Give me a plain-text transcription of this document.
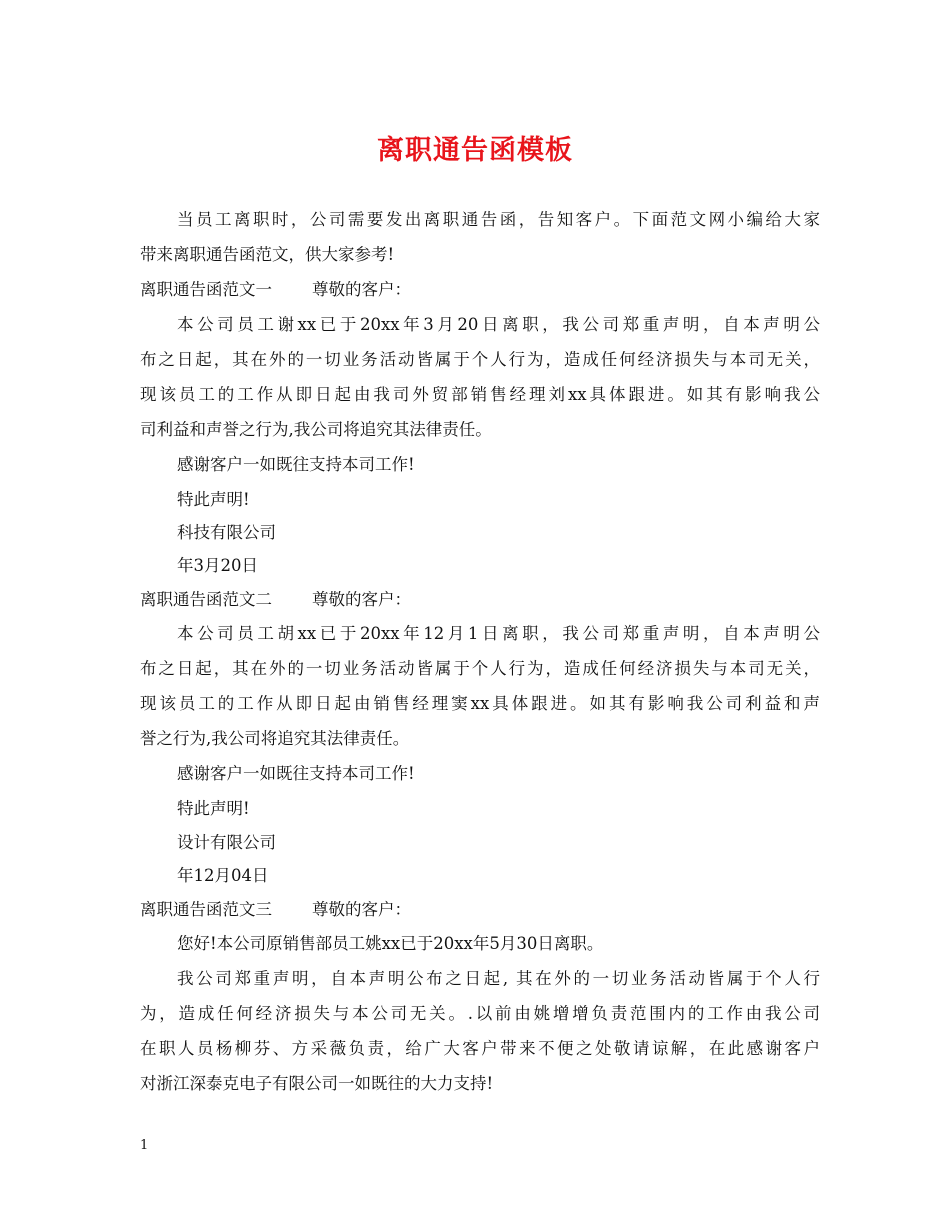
离职通告函模板
当员工离职时，公司需要发出离职通告函，告知客户。下面范文网小编给大家
带来离职通告函范文，供大家参考!
离职通告函范文一 尊敬的客户：
本公司员工谢xx已于20xx年3月20日离职，我公司郑重声明，自本声明公
布之日起，其在外的一切业务活动皆属于个人行为，造成任何经济损失与本司无关，
现该员工的工作从即日起由我司外贸部销售经理刘xx具体跟进。如其有影响我公
司利益和声誉之行为,我公司将追究其法律责任。
感谢客户一如既往支持本司工作!
特此声明!
科技有限公司
年3月20日
离职通告函范文二 尊敬的客户：
本公司员工胡xx已于20xx年12月1日离职，我公司郑重声明，自本声明公
布之日起，其在外的一切业务活动皆属于个人行为，造成任何经济损失与本司无关，
现该员工的工作从即日起由销售经理窦xx具体跟进。如其有影响我公司利益和声
誉之行为,我公司将追究其法律责任。
感谢客户一如既往支持本司工作!
特此声明!
设计有限公司
年12月04日
离职通告函范文三 尊敬的客户：
您好!本公司原销售部员工姚xx已于20xx年5月30日离职。
我公司郑重声明，自本声明公布之日起, 其在外的一切业务活动皆属于个人行
为，造成任何经济损失与本公司无关。.以前由姚增增负责范围内的工作由我公司
在职人员杨柳芬、方采薇负责，给广大客户带来不便之处敬请谅解，在此感谢客户
对浙江深泰克电子有限公司一如既往的大力支持!
1
